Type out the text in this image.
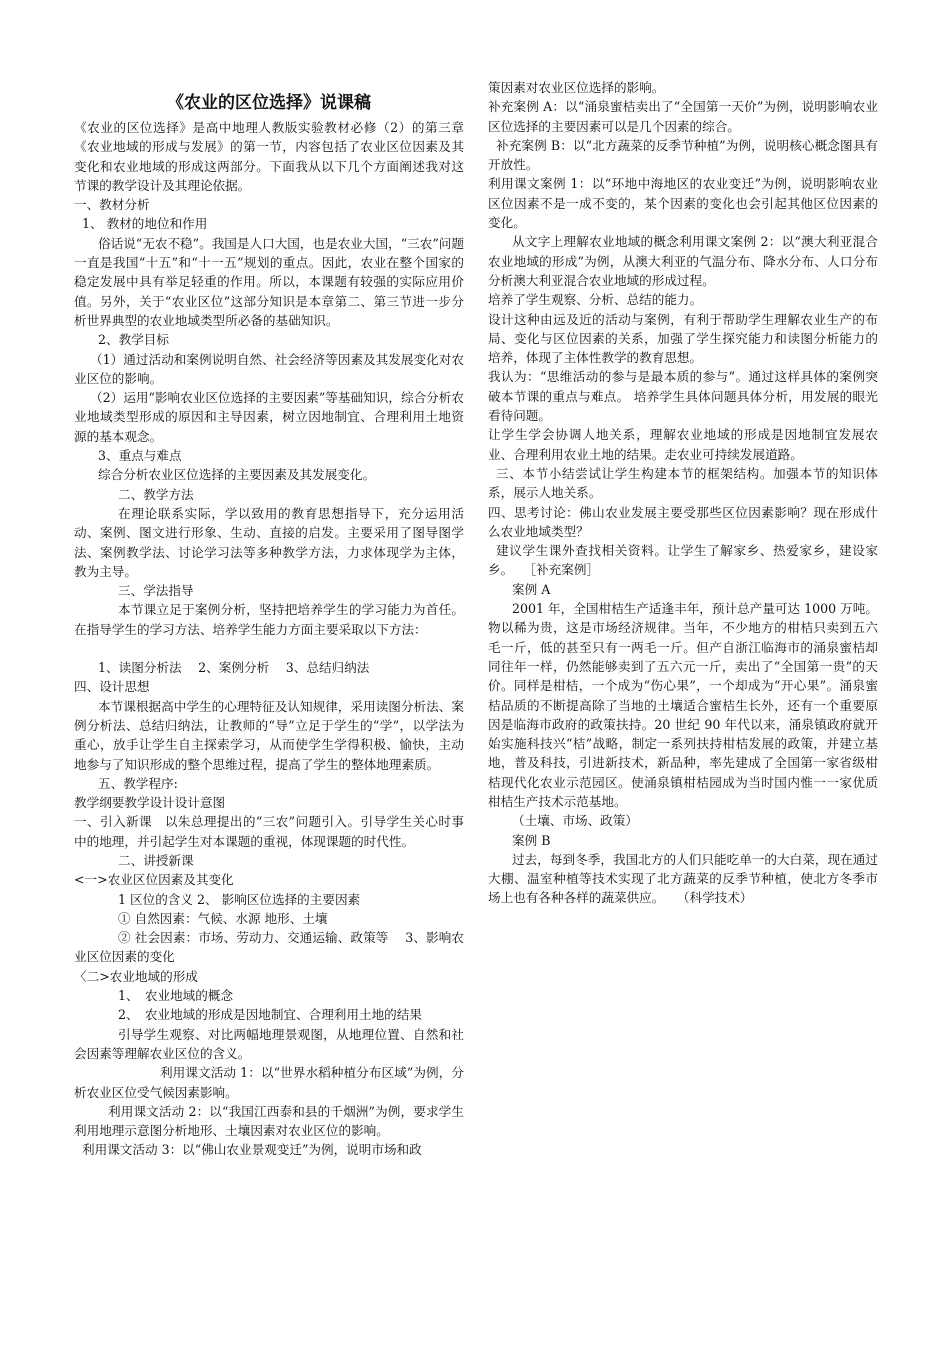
《农业的区位选择》说课稿

《农业的区位选择》是高中地理人教版实验教材必修（2）的第三章《农业地域的形成与发展》的第一节，内容包括了农业区位因素及其变化和农业地域的形成这两部分。下面我从以下几个方面阐述我对这节课的教学设计及其理论依据。

一、教材分析

1、 教材的地位和作用

俗话说“无农不稳”。我国是人口大国，也是农业大国，“三农”问题一直是我国“十五”和“十一五”规划的重点。因此，农业在整个国家的稳定发展中具有举足轻重的作用。所以，本课题有较强的实际应用价值。另外，关于“农业区位”这部分知识是本章第二、第三节进一步分析世界典型的农业地域类型所必备的基础知识。

2、教学目标

（1）通过活动和案例说明自然、社会经济等因素及其发展变化对农业区位的影响。

（2）运用“影响农业区位选择的主要因素”等基础知识，综合分析农业地域类型形成的原因和主导因素，树立因地制宜、合理利用土地资源的基本观念。

3、重点与难点

综合分析农业区位选择的主要因素及其发展变化。

二、教学方法

在理论联系实际，学以致用的教育思想指导下，充分运用活动、案例、图文进行形象、生动、直接的启发。主要采用了图导图学法、案例教学法、讨论学习法等多种教学方法，力求体现学为主体，教为主导。

三、学法指导

本节课立足于案例分析，坚持把培养学生的学习能力为首任。在指导学生的学习方法、培养学生能力方面主要采取以下方法：

1、读图分析法　 2、案例分析　 3、总结归纳法

四、设计思想

本节课根据高中学生的心理特征及认知规律，采用读图分析法、案例分析法、总结归纳法，让教师的“导”立足于学生的“学”，以学法为重心，放手让学生自主探索学习，从而使学生学得积极、愉快，主动地参与了知识形成的整个思维过程，提高了学生的整体地理素质。

五、教学程序:

教学纲要教学设计设计意图

一、引入新课　以朱总理提出的“三农”问题引入。引导学生关心时事中的地理，并引起学生对本课题的重视，体现课题的时代性。

二、讲授新课

<一>农业区位因素及其变化

1 区位的含义 2、 影响区位选择的主要因素

① 自然因素：气候、水源 地形、土壤

② 社会因素：市场、劳动力、交通运输、政策等　 3、影响农业区位因素的变化

〈二>农业地域的形成

1、　农业地域的概念

2、　农业地域的形成是因地制宜、合理利用土地的结果

引导学生观察、对比两幅地理景观图，从地理位置、自然和社会因素等理解农业区位的含义。

利用课文活动 1：以“世界水稻种植分布区域”为例，分析农业区位受气候因素影响。

利用课文活动 2：以“我国江西泰和县的千烟洲”为例，要求学生利用地理示意图分析地形、土壤因素对农业区位的影响。

利用课文活动 3：以“佛山农业景观变迁”为例，说明市场和政

策因素对农业区位选择的影响。

补充案例 A：以“涌泉蜜桔卖出了“全国第一天价”为例，说明影响农业区位选择的主要因素可以是几个因素的综合。

补充案例 B：以“北方蔬菜的反季节种植”为例，说明核心概念图具有开放性。

利用课文案例 1：以“环地中海地区的农业变迁”为例，说明影响农业区位因素不是一成不变的，某个因素的变化也会引起其他区位因素的变化。

从文字上理解农业地域的概念利用课文案例 2：以“澳大利亚混合农业地域的形成”为例，从澳大利亚的气温分布、降水分布、人口分布分析澳大利亚混合农业地域的形成过程。

培养了学生观察、分析、总结的能力。

设计这种由远及近的活动与案例，有利于帮助学生理解农业生产的布局、变化与区位因素的关系，加强了学生探究能力和读图分析能力的培养，体现了主体性教学的教育思想。

我认为：“思维活动的参与是最本质的参与”。通过这样具体的案例突破本节课的重点与难点。 培养学生具体问题具体分析，用发展的眼光看待问题。

让学生学会协调人地关系，理解农业地域的形成是因地制宜发展农业、合理利用农业土地的结果。走农业可持续发展道路。

三、本节小结尝试让学生构建本节的框架结构。加强本节的知识体系，展示人地关系。

四、思考讨论：佛山农业发展主要受那些区位因素影响？现在形成什么农业地域类型？

建议学生课外查找相关资料。让学生了解家乡、热爱家乡，建设家乡。　 ［补充案例］

案例 A

2001 年，全国柑桔生产适逢丰年，预计总产量可达 1000 万吨。物以稀为贵，这是市场经济规律。当年，不少地方的柑桔只卖到五六毛一斤，低的甚至只有一两毛一斤。但产自浙江临海市的涌泉蜜桔却同往年一样，仍然能够卖到了五六元一斤，卖出了“全国第一贵”的天价。同样是柑桔，一个成为“伤心果”，一个却成为“开心果”。涌泉蜜桔品质的不断提高除了当地的土壤适合蜜桔生长外，还有一个重要原因是临海市政府的政策扶持。20 世纪 90 年代以来，涌泉镇政府就开始实施科技兴“桔”战略，制定一系列扶持柑桔发展的政策，并建立基地，普及科技，引进新技术，新品种，率先建成了全国第一家省级柑桔现代化农业示范园区。使涌泉镇柑桔园成为当时国内惟一一家优质柑桔生产技术示范基地。

（土壤、市场、政策）

案例 B

过去，每到冬季，我国北方的人们只能吃单一的大白菜，现在通过大棚、温室种植等技术实现了北方蔬菜的反季节种植，使北方冬季市场上也有各种各样的蔬菜供应。　　（科学技术）
